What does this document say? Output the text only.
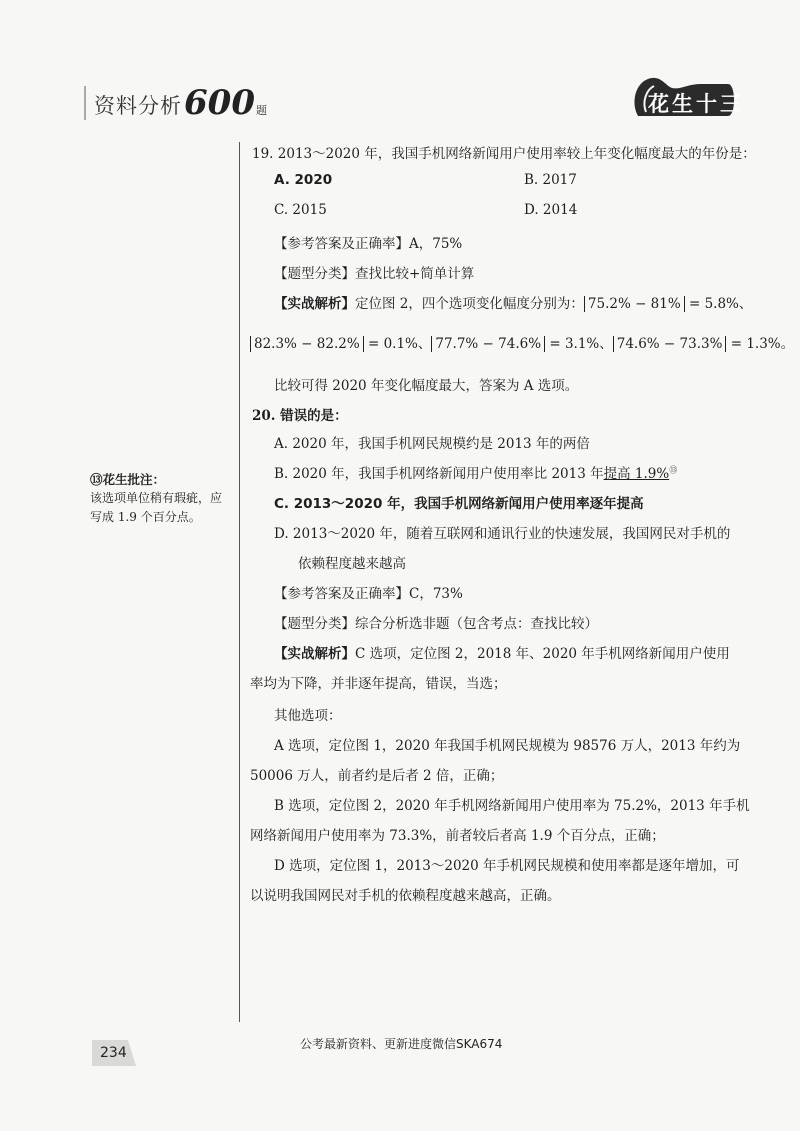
资料分析 600 题	花生十三
⑬花生批注：
该选项单位稍有瑕疵，应
写成 1.9 个百分点。
19. 2013～2020 年，我国手机网络新闻用户使用率较上年变化幅度最大的年份是：
A. 2020	B. 2017
C. 2015	D. 2014
【参考答案及正确率】A，75%
【题型分类】查找比较+简单计算
【实战解析】定位图 2，四个选项变化幅度分别为： 75.2% − 81% = 5.8%、
82.3% − 82.2% = 0.1%、 77.7% − 74.6% = 3.1%、 74.6% − 73.3% = 1.3%。
比较可得 2020 年变化幅度最大，答案为 A 选项。
20. 错误的是：
A. 2020 年，我国手机网民规模约是 2013 年的两倍
B. 2020 年，我国手机网络新闻用户使用率比 2013 年提高 1.9%⑬
C. 2013～2020 年，我国手机网络新闻用户使用率逐年提高
D. 2013～2020 年，随着互联网和通讯行业的快速发展，我国网民对手机的
依赖程度越来越高
【参考答案及正确率】C，73%
【题型分类】综合分析选非题（包含考点：查找比较）
【实战解析】C 选项，定位图 2，2018 年、2020 年手机网络新闻用户使用
率均为下降，并非逐年提高，错误，当选；
其他选项：
A 选项，定位图 1，2020 年我国手机网民规模为 98576 万人，2013 年约为
50006 万人，前者约是后者 2 倍，正确；
B 选项，定位图 2，2020 年手机网络新闻用户使用率为 75.2%，2013 年手机
网络新闻用户使用率为 73.3%，前者较后者高 1.9 个百分点，正确；
D 选项，定位图 1，2013～2020 年手机网民规模和使用率都是逐年增加，可
以说明我国网民对手机的依赖程度越来越高，正确。
公考最新资料、更新进度微信SKA674
234
